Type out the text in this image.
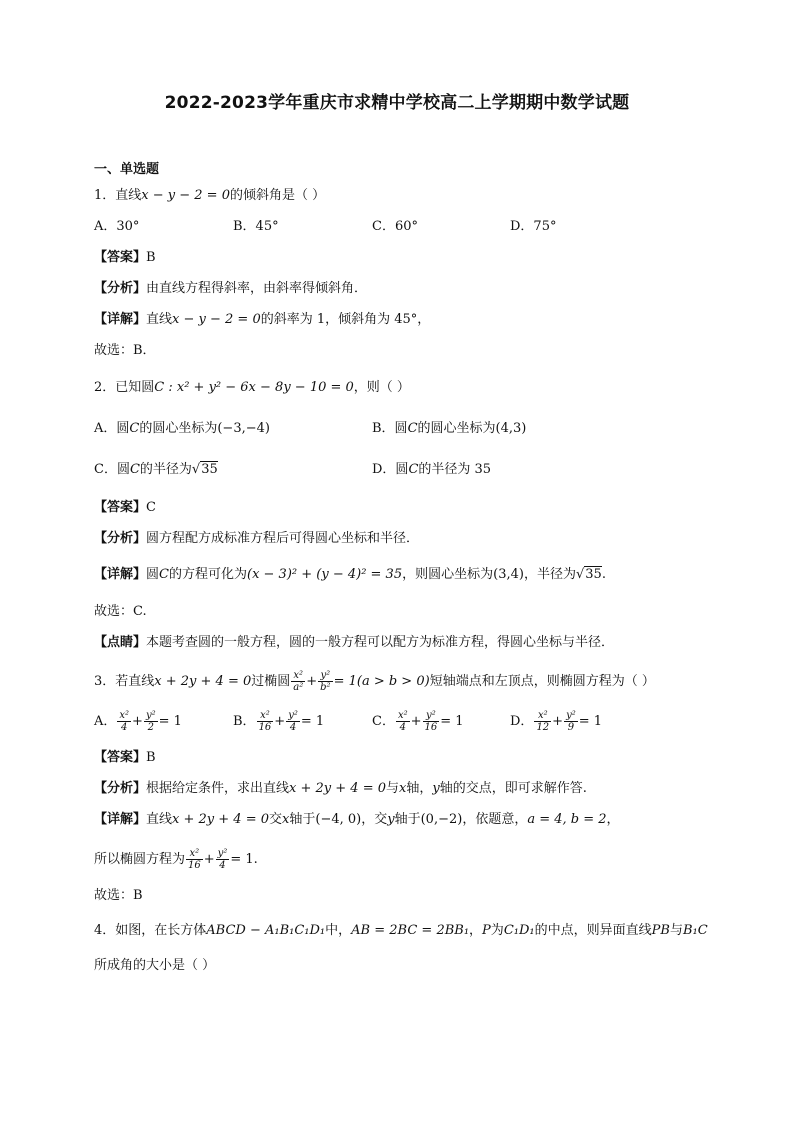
2022-2023学年重庆市求精中学校高二上学期期中数学试题
一、单选题
1．直线x − y − 2 = 0的倾斜角是（ ）
A．30°	B．45°	C．60°	D．75°
【答案】B
【分析】由直线方程得斜率，由斜率得倾斜角．
【详解】直线x − y − 2 = 0的斜率为 1，倾斜角为 45°，
故选：B．
2．已知圆C : x² + y² − 6x − 8y − 10 = 0，则（ ）
A．圆C的圆心坐标为(−3,−4)	B．圆C的圆心坐标为(4,3)
C．圆C的半径为√35	D．圆C的半径为 35
【答案】C
【分析】圆方程配方成标准方程后可得圆心坐标和半径．
【详解】圆C的方程可化为(x − 3)² + (y − 4)² = 35，则圆心坐标为(3,4)，半径为√35.
故选：C.
【点睛】本题考查圆的一般方程，圆的一般方程可以配方为标准方程，得圆心坐标与半径．
3．若直线x + 2y + 4 = 0过椭圆 $\frac{\text{x²}}{\text{a²}} + \frac{\text{y²}}{\text{b²}} = 1(a > b > 0)$短轴端点和左顶点，则椭圆方程为（ ）
A． $\frac{\text{x²}}{4} + \frac{\text{y²}}{2} = 1$	B． $\frac{\text{x²}}{16} + \frac{\text{y²}}{4} = 1$	C． $\frac{\text{x²}}{4} + \frac{\text{y²}}{16} = 1$	D． $\frac{\text{x²}}{12} + \frac{\text{y²}}{9} = 1$
【答案】B
【分析】根据给定条件，求出直线x + 2y + 4 = 0与x轴，y轴的交点，即可求解作答.
【详解】直线x + 2y + 4 = 0交x轴于(−4, 0)，交y轴于(0,−2)，依题意，a = 4, b = 2，
所以椭圆方程为 $\frac{\text{x²}}{16} + \frac{\text{y²}}{4} = 1$.
故选：B
4．如图，在长方体ABCD − A₁B₁C₁D₁中，AB = 2BC = 2BB₁，P为C₁D₁的中点，则异面直线PB与B₁C
所成角的大小是（ ）
